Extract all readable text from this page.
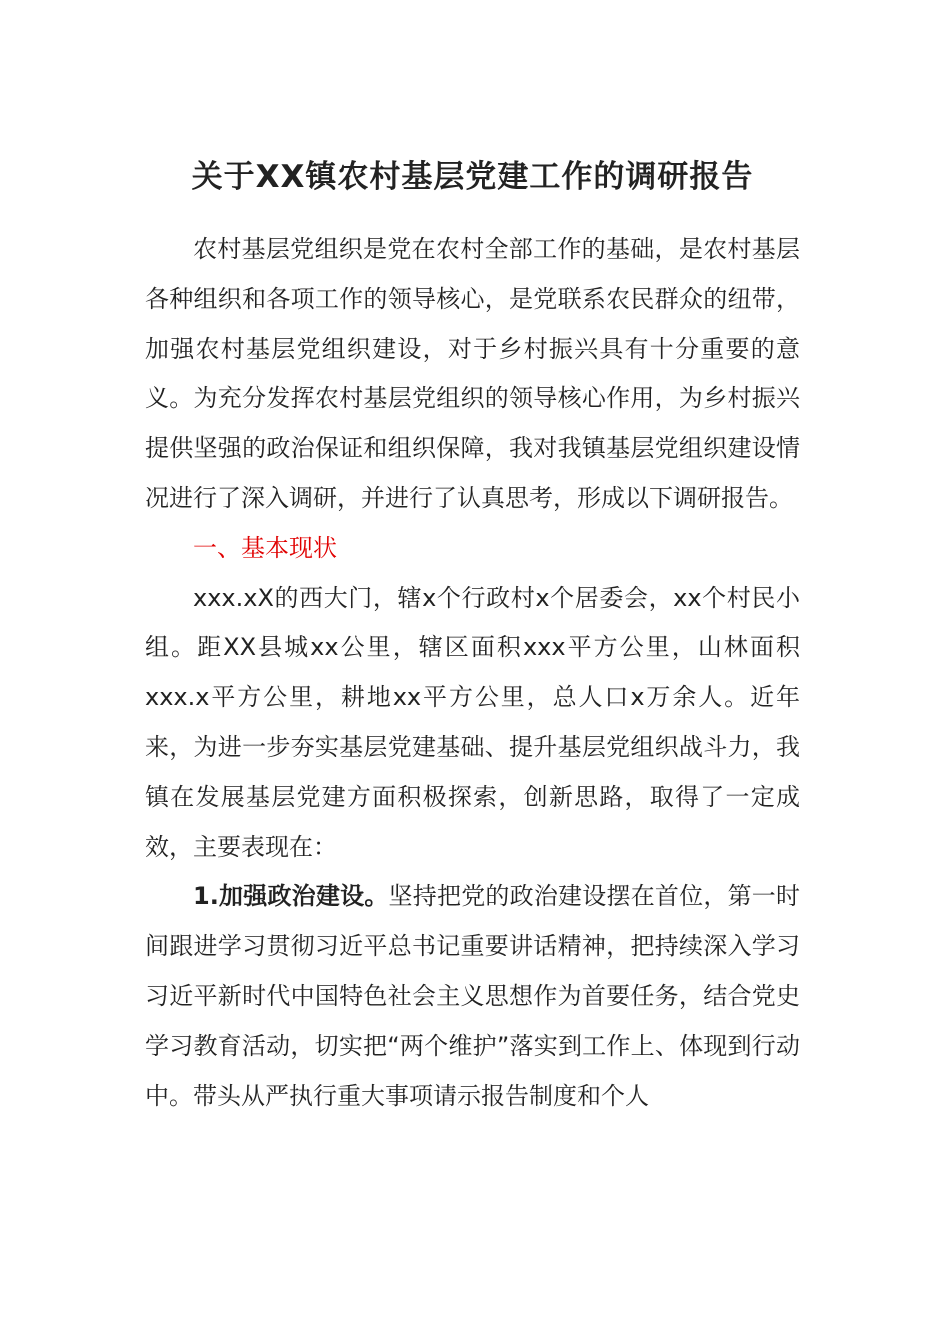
关于XX镇农村基层党建工作的调研报告

农村基层党组织是党在农村全部工作的基础，是农村基层各种组织和各项工作的领导核心，是党联系农民群众的纽带，加强农村基层党组织建设，对于乡村振兴具有十分重要的意义。为充分发挥农村基层党组织的领导核心作用，为乡村振兴提供坚强的政治保证和组织保障，我对我镇基层党组织建设情况进行了深入调研，并进行了认真思考，形成以下调研报告。

一、基本现状

xxx.xX的西大门，辖x个行政村x个居委会，xx个村民小组。距XX县城xx公里，辖区面积xxx平方公里，山林面积xxx.x平方公里，耕地xx平方公里，总人口x万余人。近年来，为进一步夯实基层党建基础、提升基层党组织战斗力，我镇在发展基层党建方面积极探索，创新思路，取得了一定成效，主要表现在：

1.加强政治建设。坚持把党的政治建设摆在首位，第一时间跟进学习贯彻习近平总书记重要讲话精神，把持续深入学习习近平新时代中国特色社会主义思想作为首要任务，结合党史学习教育活动，切实把“两个维护”落实到工作上、体现到行动中。带头从严执行重大事项请示报告制度和个人
